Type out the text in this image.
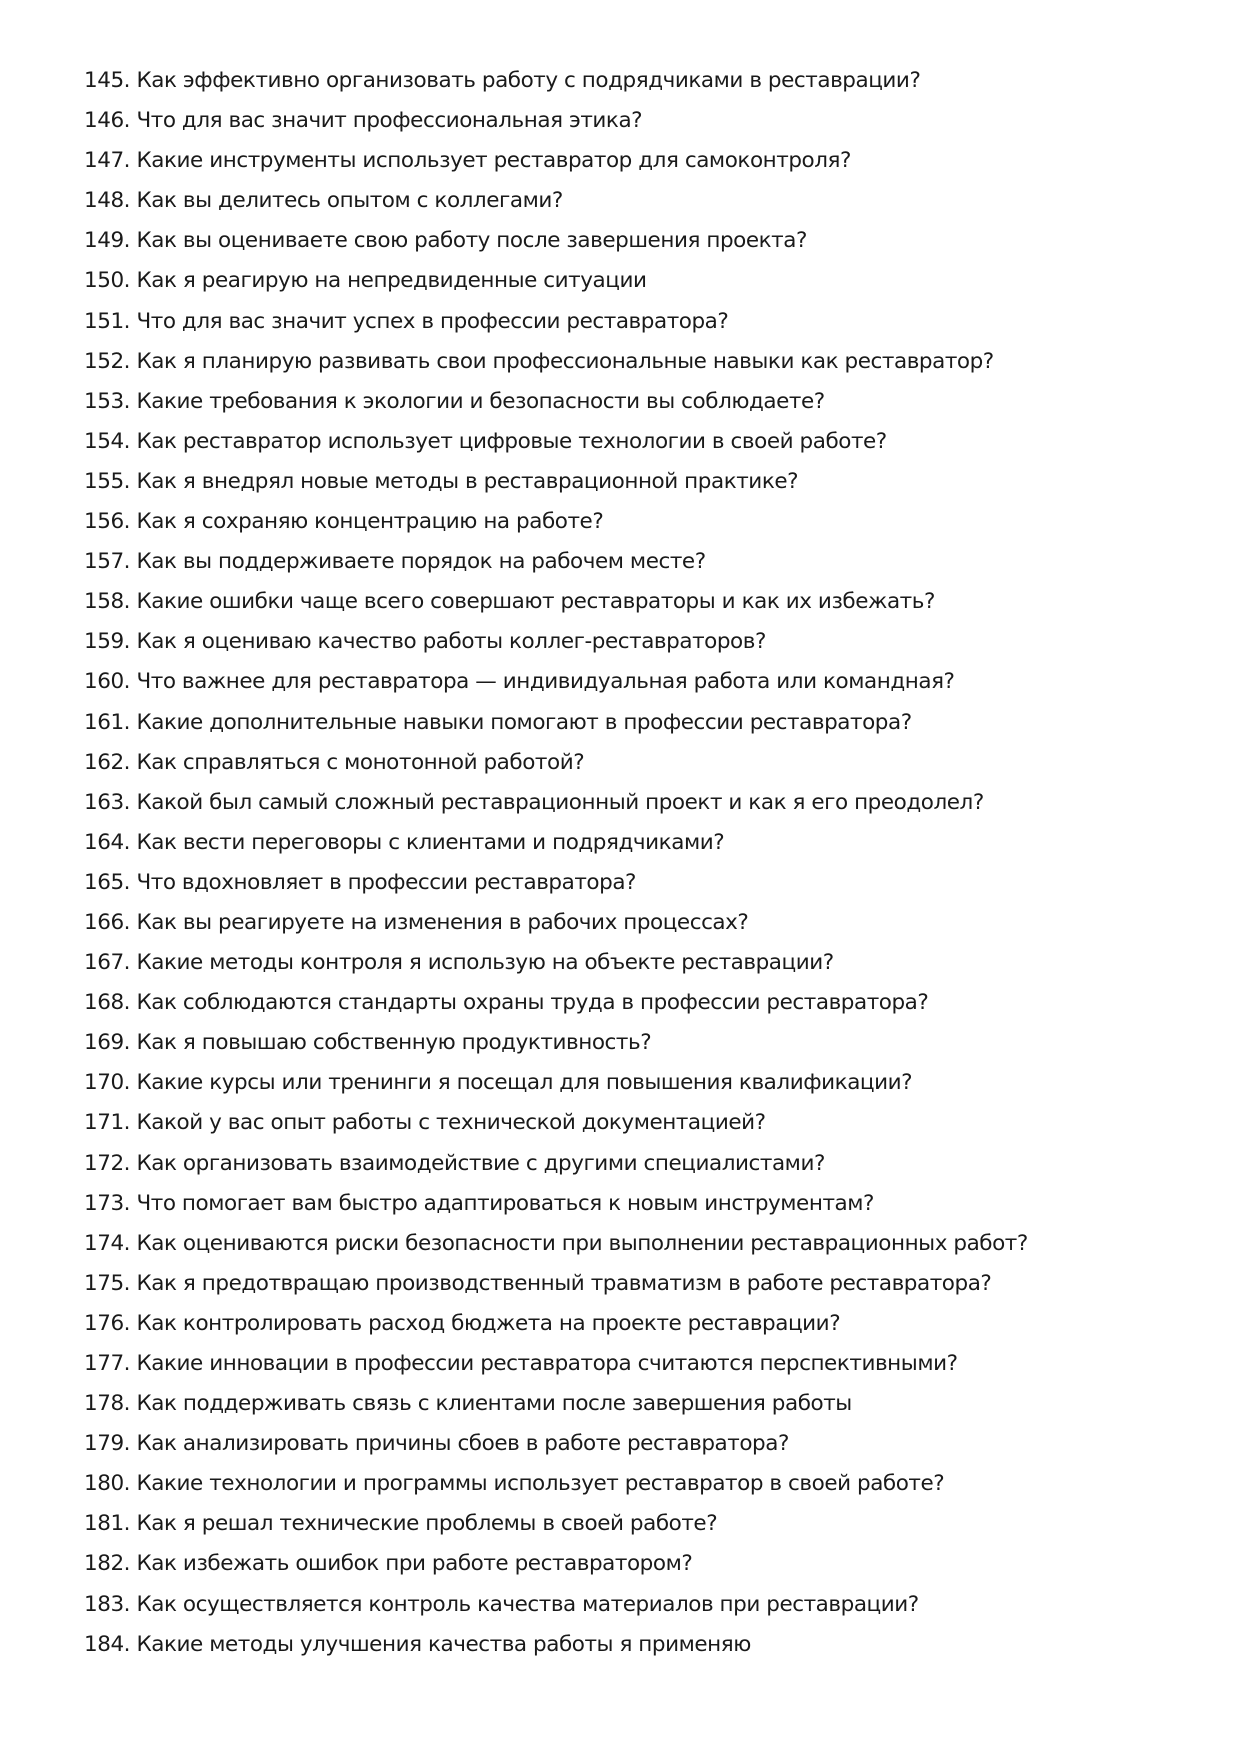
145. Как эффективно организовать работу с подрядчиками в реставрации?
146. Что для вас значит профессиональная этика?
147. Какие инструменты использует реставратор для самоконтроля?
148. Как вы делитесь опытом с коллегами?
149. Как вы оцениваете свою работу после завершения проекта?
150. Как я реагирую на непредвиденные ситуации
151. Что для вас значит успех в профессии реставратора?
152. Как я планирую развивать свои профессиональные навыки как реставратор?
153. Какие требования к экологии и безопасности вы соблюдаете?
154. Как реставратор использует цифровые технологии в своей работе?
155. Как я внедрял новые методы в реставрационной практике?
156. Как я сохраняю концентрацию на работе?
157. Как вы поддерживаете порядок на рабочем месте?
158. Какие ошибки чаще всего совершают реставраторы и как их избежать?
159. Как я оцениваю качество работы коллег-реставраторов?
160. Что важнее для реставратора — индивидуальная работа или командная?
161. Какие дополнительные навыки помогают в профессии реставратора?
162. Как справляться с монотонной работой?
163. Какой был самый сложный реставрационный проект и как я его преодолел?
164. Как вести переговоры с клиентами и подрядчиками?
165. Что вдохновляет в профессии реставратора?
166. Как вы реагируете на изменения в рабочих процессах?
167. Какие методы контроля я использую на объекте реставрации?
168. Как соблюдаются стандарты охраны труда в профессии реставратора?
169. Как я повышаю собственную продуктивность?
170. Какие курсы или тренинги я посещал для повышения квалификации?
171. Какой у вас опыт работы с технической документацией?
172. Как организовать взаимодействие с другими специалистами?
173. Что помогает вам быстро адаптироваться к новым инструментам?
174. Как оцениваются риски безопасности при выполнении реставрационных работ?
175. Как я предотвращаю производственный травматизм в работе реставратора?
176. Как контролировать расход бюджета на проекте реставрации?
177. Какие инновации в профессии реставратора считаются перспективными?
178. Как поддерживать связь с клиентами после завершения работы
179. Как анализировать причины сбоев в работе реставратора?
180. Какие технологии и программы использует реставратор в своей работе?
181. Как я решал технические проблемы в своей работе?
182. Как избежать ошибок при работе реставратором?
183. Как осуществляется контроль качества материалов при реставрации?
184. Какие методы улучшения качества работы я применяю
